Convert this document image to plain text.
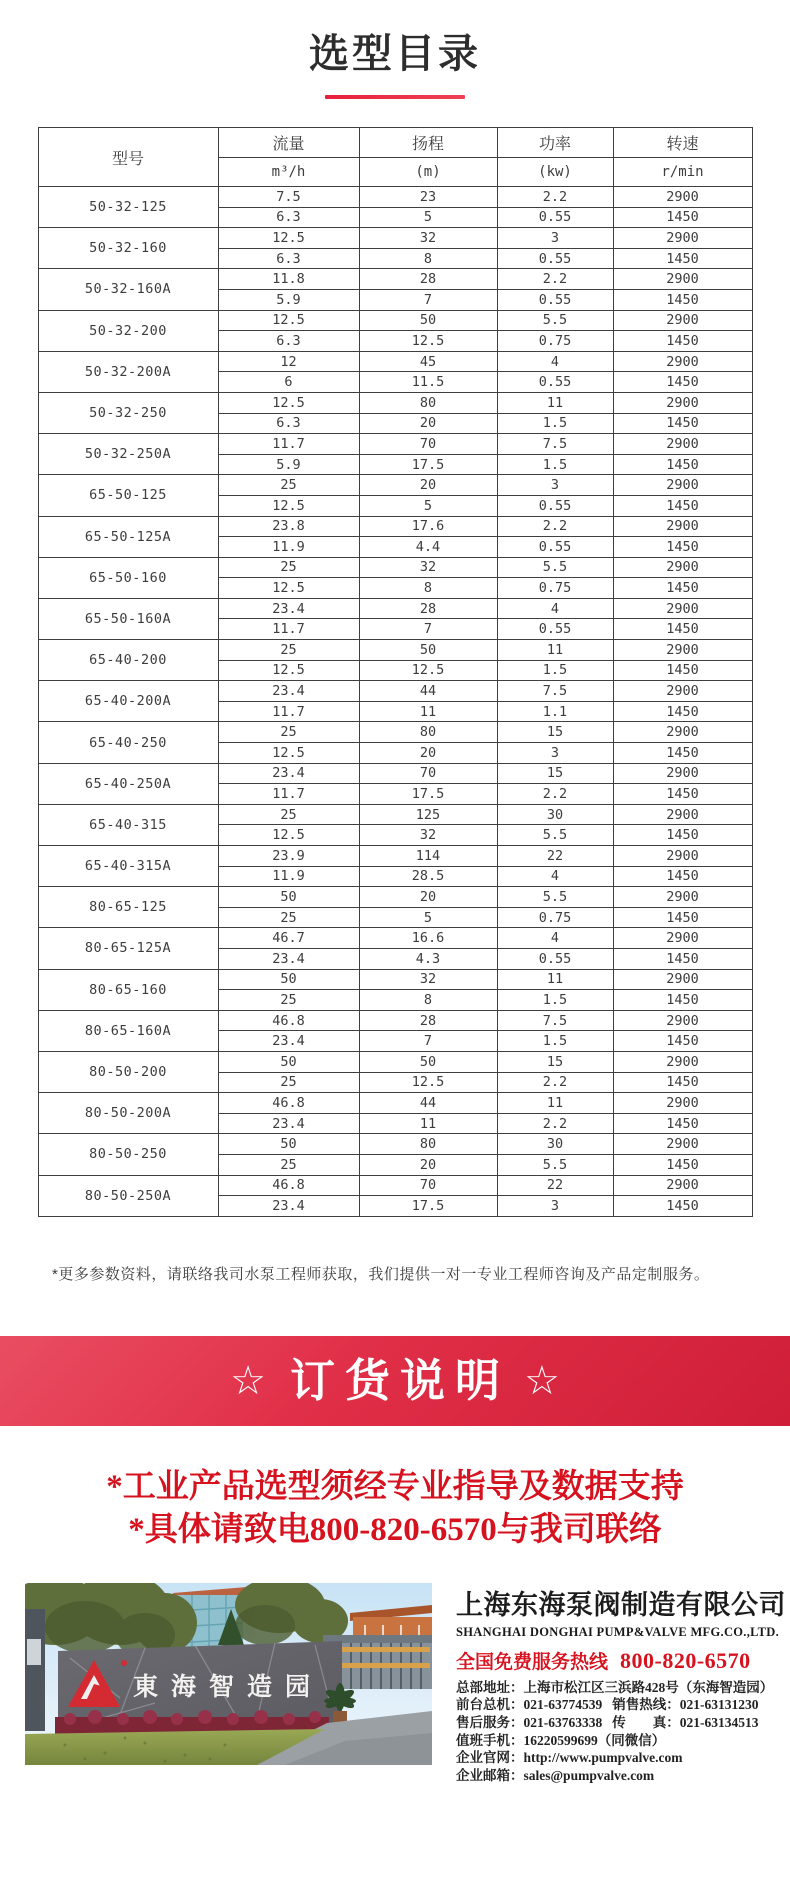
选型目录
型号	流量	扬程	功率	转速
	m³/h	(m)	(kw)	r/min
50-32-125	7.5	23	2.2	2900
	6.3	5	0.55	1450
50-32-160	12.5	32	3	2900
	6.3	8	0.55	1450
50-32-160A	11.8	28	2.2	2900
	5.9	7	0.55	1450
50-32-200	12.5	50	5.5	2900
	6.3	12.5	0.75	1450
50-32-200A	12	45	4	2900
	6	11.5	0.55	1450
50-32-250	12.5	80	11	2900
	6.3	20	1.5	1450
50-32-250A	11.7	70	7.5	2900
	5.9	17.5	1.5	1450
65-50-125	25	20	3	2900
	12.5	5	0.55	1450
65-50-125A	23.8	17.6	2.2	2900
	11.9	4.4	0.55	1450
65-50-160	25	32	5.5	2900
	12.5	8	0.75	1450
65-50-160A	23.4	28	4	2900
	11.7	7	0.55	1450
65-40-200	25	50	11	2900
	12.5	12.5	1.5	1450
65-40-200A	23.4	44	7.5	2900
	11.7	11	1.1	1450
65-40-250	25	80	15	2900
	12.5	20	3	1450
65-40-250A	23.4	70	15	2900
	11.7	17.5	2.2	1450
65-40-315	25	125	30	2900
	12.5	32	5.5	1450
65-40-315A	23.9	114	22	2900
	11.9	28.5	4	1450
80-65-125	50	20	5.5	2900
	25	5	0.75	1450
80-65-125A	46.7	16.6	4	2900
	23.4	4.3	0.55	1450
80-65-160	50	32	11	2900
	25	8	1.5	1450
80-65-160A	46.8	28	7.5	2900
	23.4	7	1.5	1450
80-50-200	50	50	15	2900
	25	12.5	2.2	1450
80-50-200A	46.8	44	11	2900
	23.4	11	2.2	1450
80-50-250	50	80	30	2900
	25	20	5.5	1450
80-50-250A	46.8	70	22	2900
	23.4	17.5	3	1450
*更多参数资料，请联络我司水泵工程师获取，我们提供一对一专业工程师咨询及产品定制服务。
☆ 订货说明 ☆
*工业产品选型须经专业指导及数据支持
*具体请致电800-820-6570与我司联络
東海智造园
上海东海泵阀制造有限公司
SHANGHAI DONGHAI PUMP&VALVE MFG.CO.,LTD.
全国免费服务热线 800-820-6570
总部地址：上海市松江区三浜路428号（东海智造园）
前台总机：021-63774539 销售热线：021-63131230
售后服务：021-63763338 传　　真：021-63134513
值班手机：16220599699（同微信）
企业官网：http://www.pumpvalve.com
企业邮箱：sales@pumpvalve.com
